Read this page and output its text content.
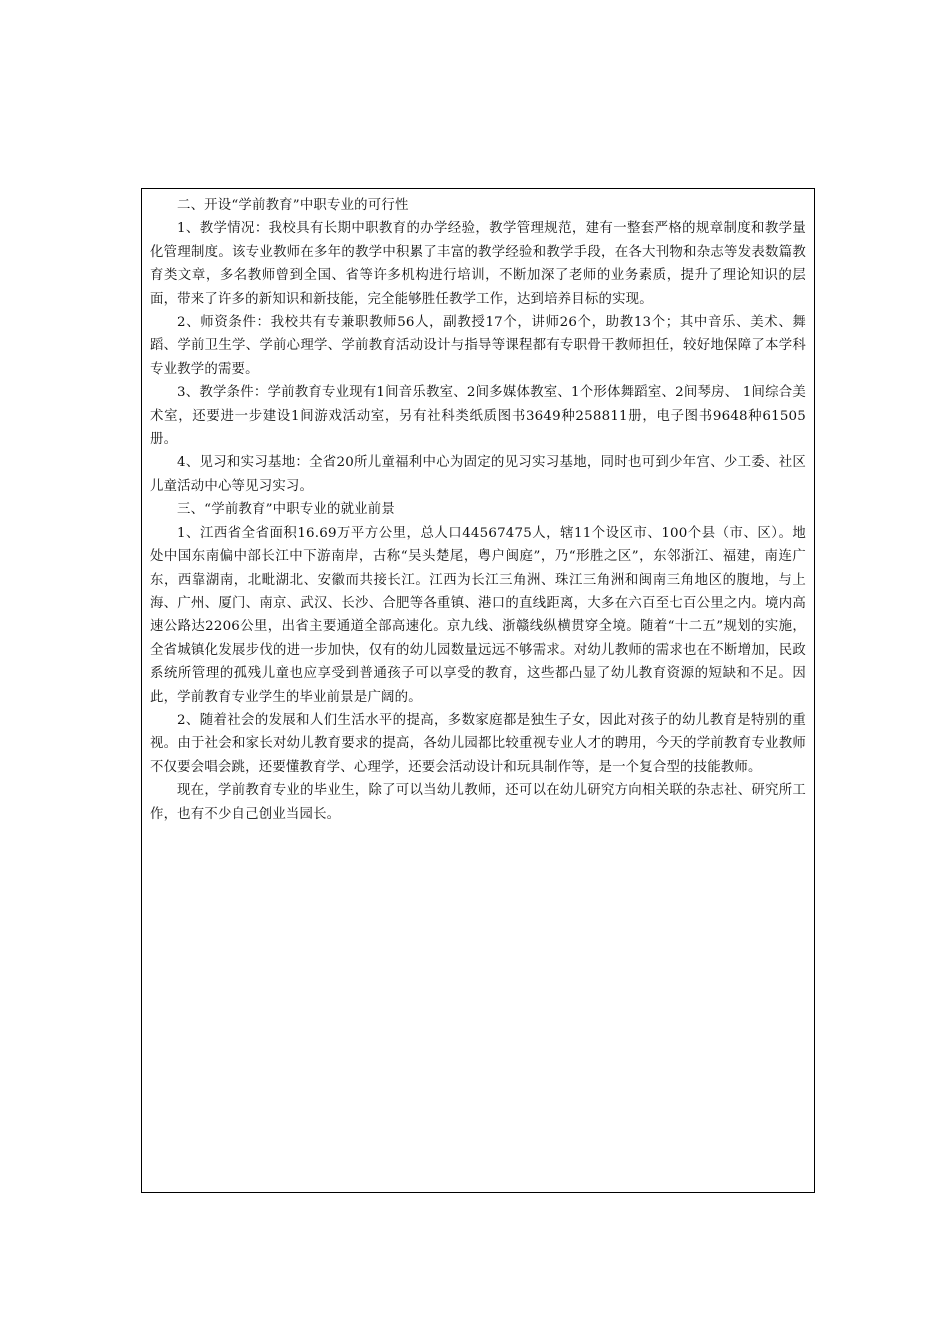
二、开设“学前教育”中职专业的可行性

1、教学情况：我校具有长期中职教育的办学经验，教学管理规范，建有一整套严格的规章制度和教学量化管理制度。该专业教师在多年的教学中积累了丰富的教学经验和教学手段，在各大刊物和杂志等发表数篇教育类文章，多名教师曾到全国、省等许多机构进行培训，不断加深了老师的业务素质，提升了理论知识的层面，带来了许多的新知识和新技能，完全能够胜任教学工作，达到培养目标的实现。

2、师资条件：我校共有专兼职教师56人，副教授17个，讲师26个，助教13个；其中音乐、美术、舞蹈、学前卫生学、学前心理学、学前教育活动设计与指导等课程都有专职骨干教师担任，较好地保障了本学科专业教学的需要。

3、教学条件：学前教育专业现有1间音乐教室、2间多媒体教室、1个形体舞蹈室、2间琴房、 1间综合美术室，还要进一步建设1间游戏活动室，另有社科类纸质图书3649种258811册，电子图书9648种61505册。

4、见习和实习基地：全省20所儿童福利中心为固定的见习实习基地，同时也可到少年宫、少工委、社区儿童活动中心等见习实习。

三、“学前教育”中职专业的就业前景

1、江西省全省面积16.69万平方公里，总人口44567475人，辖11个设区市、100个县（市、区）。地处中国东南偏中部长江中下游南岸，古称“吴头楚尾，粤户闽庭”，乃“形胜之区”，东邻浙江、福建，南连广东，西靠湖南，北毗湖北、安徽而共接长江。江西为长江三角洲、珠江三角洲和闽南三角地区的腹地，与上海、广州、厦门、南京、武汉、长沙、合肥等各重镇、港口的直线距离，大多在六百至七百公里之内。境内高速公路达2206公里，出省主要通道全部高速化。京九线、浙赣线纵横贯穿全境。随着“十二五”规划的实施，全省城镇化发展步伐的进一步加快，仅有的幼儿园数量远远不够需求。对幼儿教师的需求也在不断增加，民政系统所管理的孤残儿童也应享受到普通孩子可以享受的教育，这些都凸显了幼儿教育资源的短缺和不足。因此，学前教育专业学生的毕业前景是广阔的。

2、随着社会的发展和人们生活水平的提高，多数家庭都是独生子女，因此对孩子的幼儿教育是特别的重视。由于社会和家长对幼儿教育要求的提高，各幼儿园都比较重视专业人才的聘用，今天的学前教育专业教师不仅要会唱会跳，还要懂教育学、心理学，还要会活动设计和玩具制作等，是一个复合型的技能教师。

现在，学前教育专业的毕业生，除了可以当幼儿教师，还可以在幼儿研究方向相关联的杂志社、研究所工作，也有不少自己创业当园长。
